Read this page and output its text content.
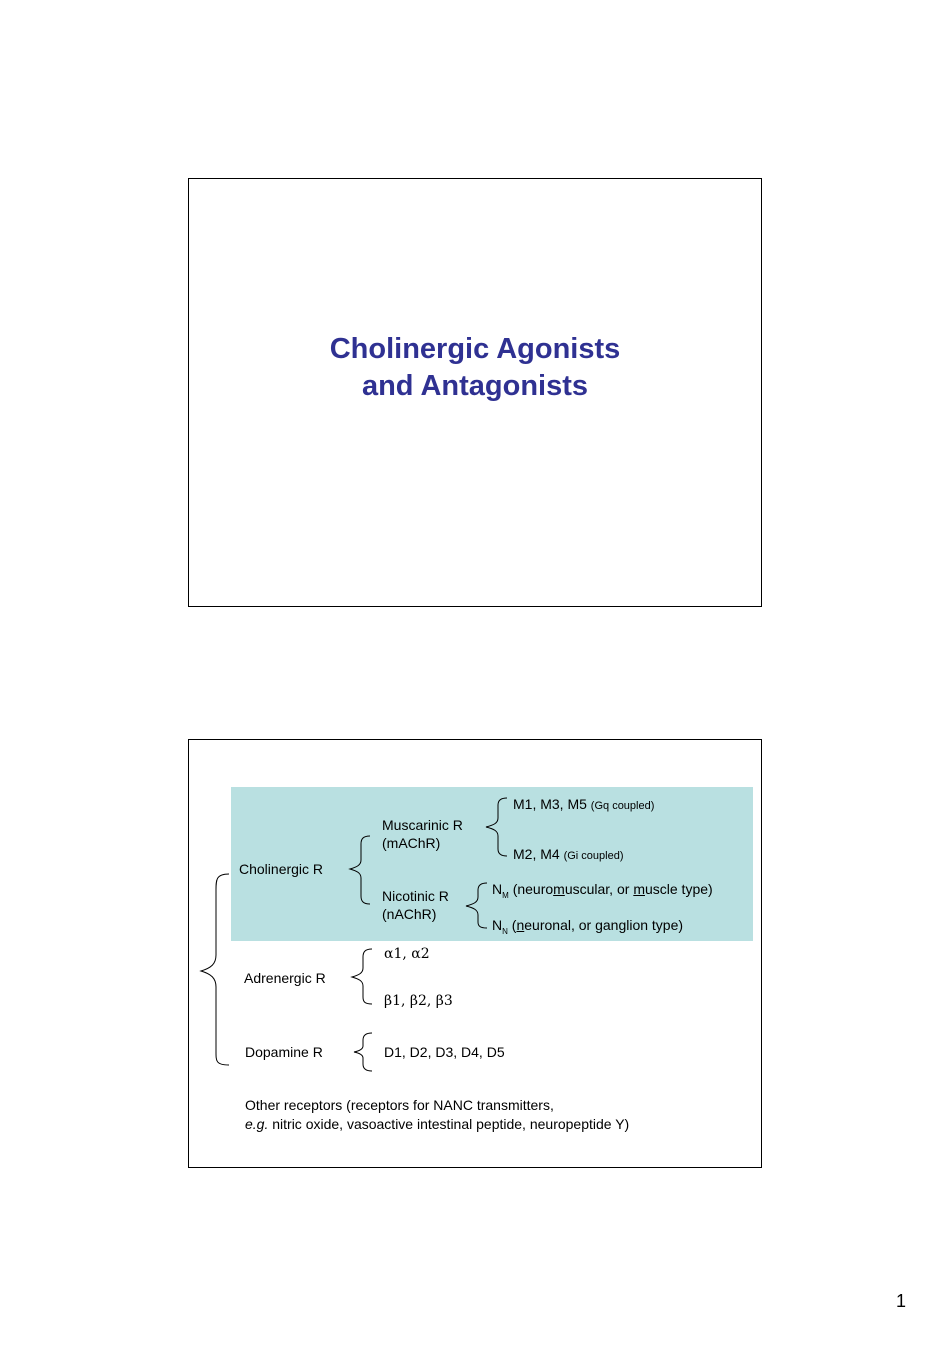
Cholinergic Agonists
and Antagonists
Cholinergic R
Muscarinic R
(mAChR)
M1, M3, M5 (Gq coupled)
M2, M4 (Gi coupled)
Nicotinic R
(nAChR)
$N_M$ (neuromuscular, or muscle type)
$N_N$ (neuronal, or ganglion type)
Adrenergic R
α1, α2
β1, β2, β3
Dopamine R	D1, D2, D3, D4, D5
Other receptors (receptors for NANC transmitters,
e.g. nitric oxide, vasoactive intestinal peptide, neuropeptide Y)
1
